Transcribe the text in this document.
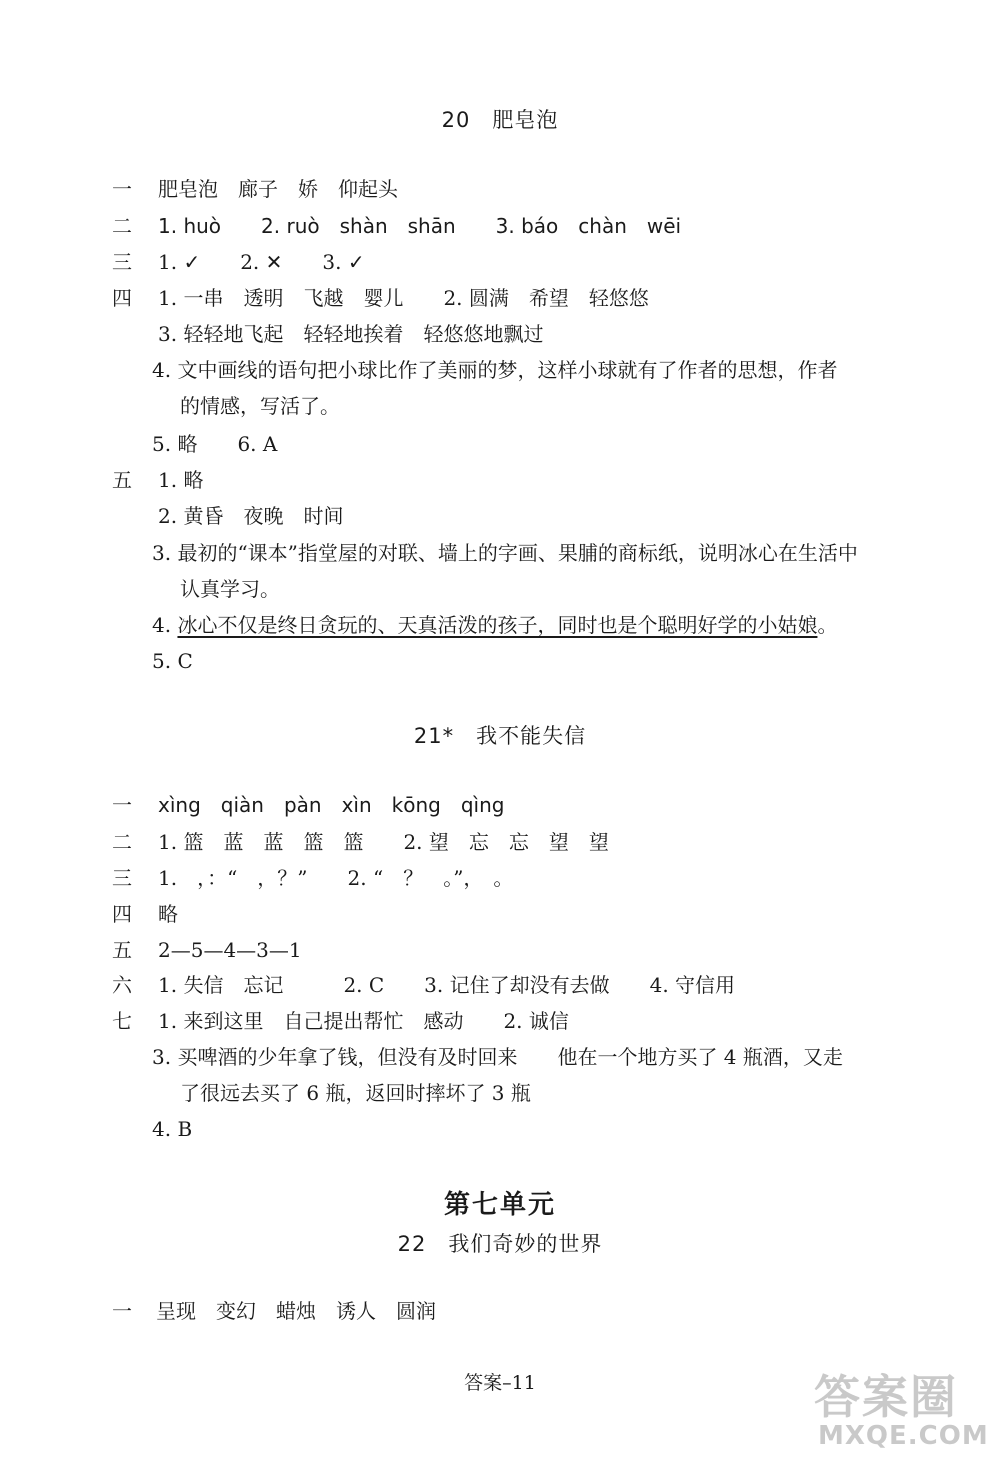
20　肥皂泡
一 肥皂泡　廊子　娇　仰起头
二 1. huò　　2. ruò　shàn　shān　　3. báo　chàn　wēi
三 1. ✓　　2. ✕　　3. ✓
四 1. 一串　透明　飞越　婴儿　　2. 圆满　希望　轻悠悠
3. 轻轻地飞起　轻轻地挨着　轻悠悠地飘过
4. 文中画线的语句把小球比作了美丽的梦，这样小球就有了作者的思想，作者
的情感，写活了。
5. 略　　6. A
五 1. 略
2. 黄昏　夜晚　时间
3. 最初的“课本”指堂屋的对联、墙上的字画、果脯的商标纸，说明冰心在生活中
认真学习。
4. 冰心不仅是终日贪玩的、天真活泼的孩子，同时也是个聪明好学的小姑娘。
5. C
21*　我不能失信
一 xìng　qiàn　pàn　xìn　kōng　qìng
二 1. 篮　蓝　蓝　篮　篮　　2. 望　忘　忘　望　望
三 1.　，：“　，？”　　2. “　？　。”，　。
四 略
五 2—5—4—3—1
六 1. 失信　忘记　　　2. C　　3. 记住了却没有去做　　4. 守信用
七 1. 来到这里　自己提出帮忙　感动　　2. 诚信
3. 买啤酒的少年拿了钱，但没有及时回来　　他在一个地方买了 4 瓶酒，又走
了很远去买了 6 瓶，返回时摔坏了 3 瓶
4. B
第七单元
22　我们奇妙的世界
一 呈现　变幻　蜡烛　诱人　圆润
答案–11	答案圈
MXQE.COM
